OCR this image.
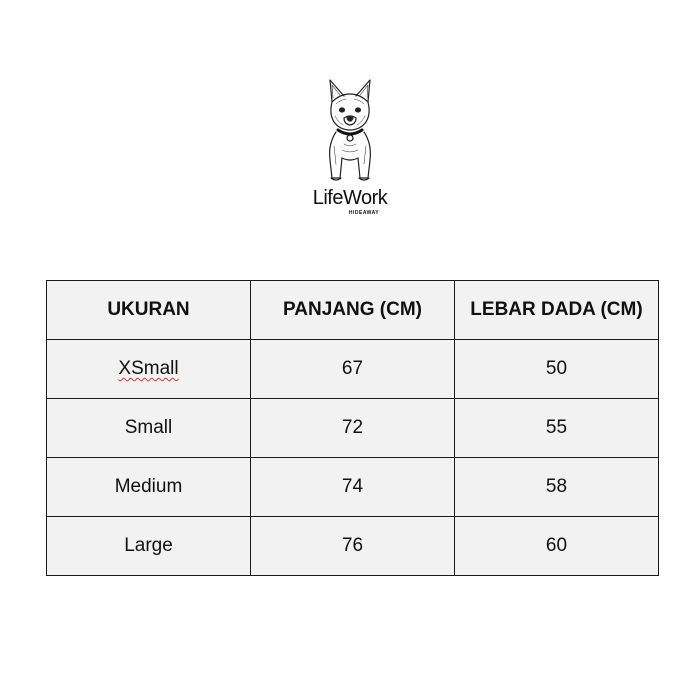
LifeWork
HIDEAWAY
UKURAN	PANJANG (CM)	LEBAR DADA (CM)
XSmall	67	50
Small	72	55
Medium	74	58
Large	76	60
